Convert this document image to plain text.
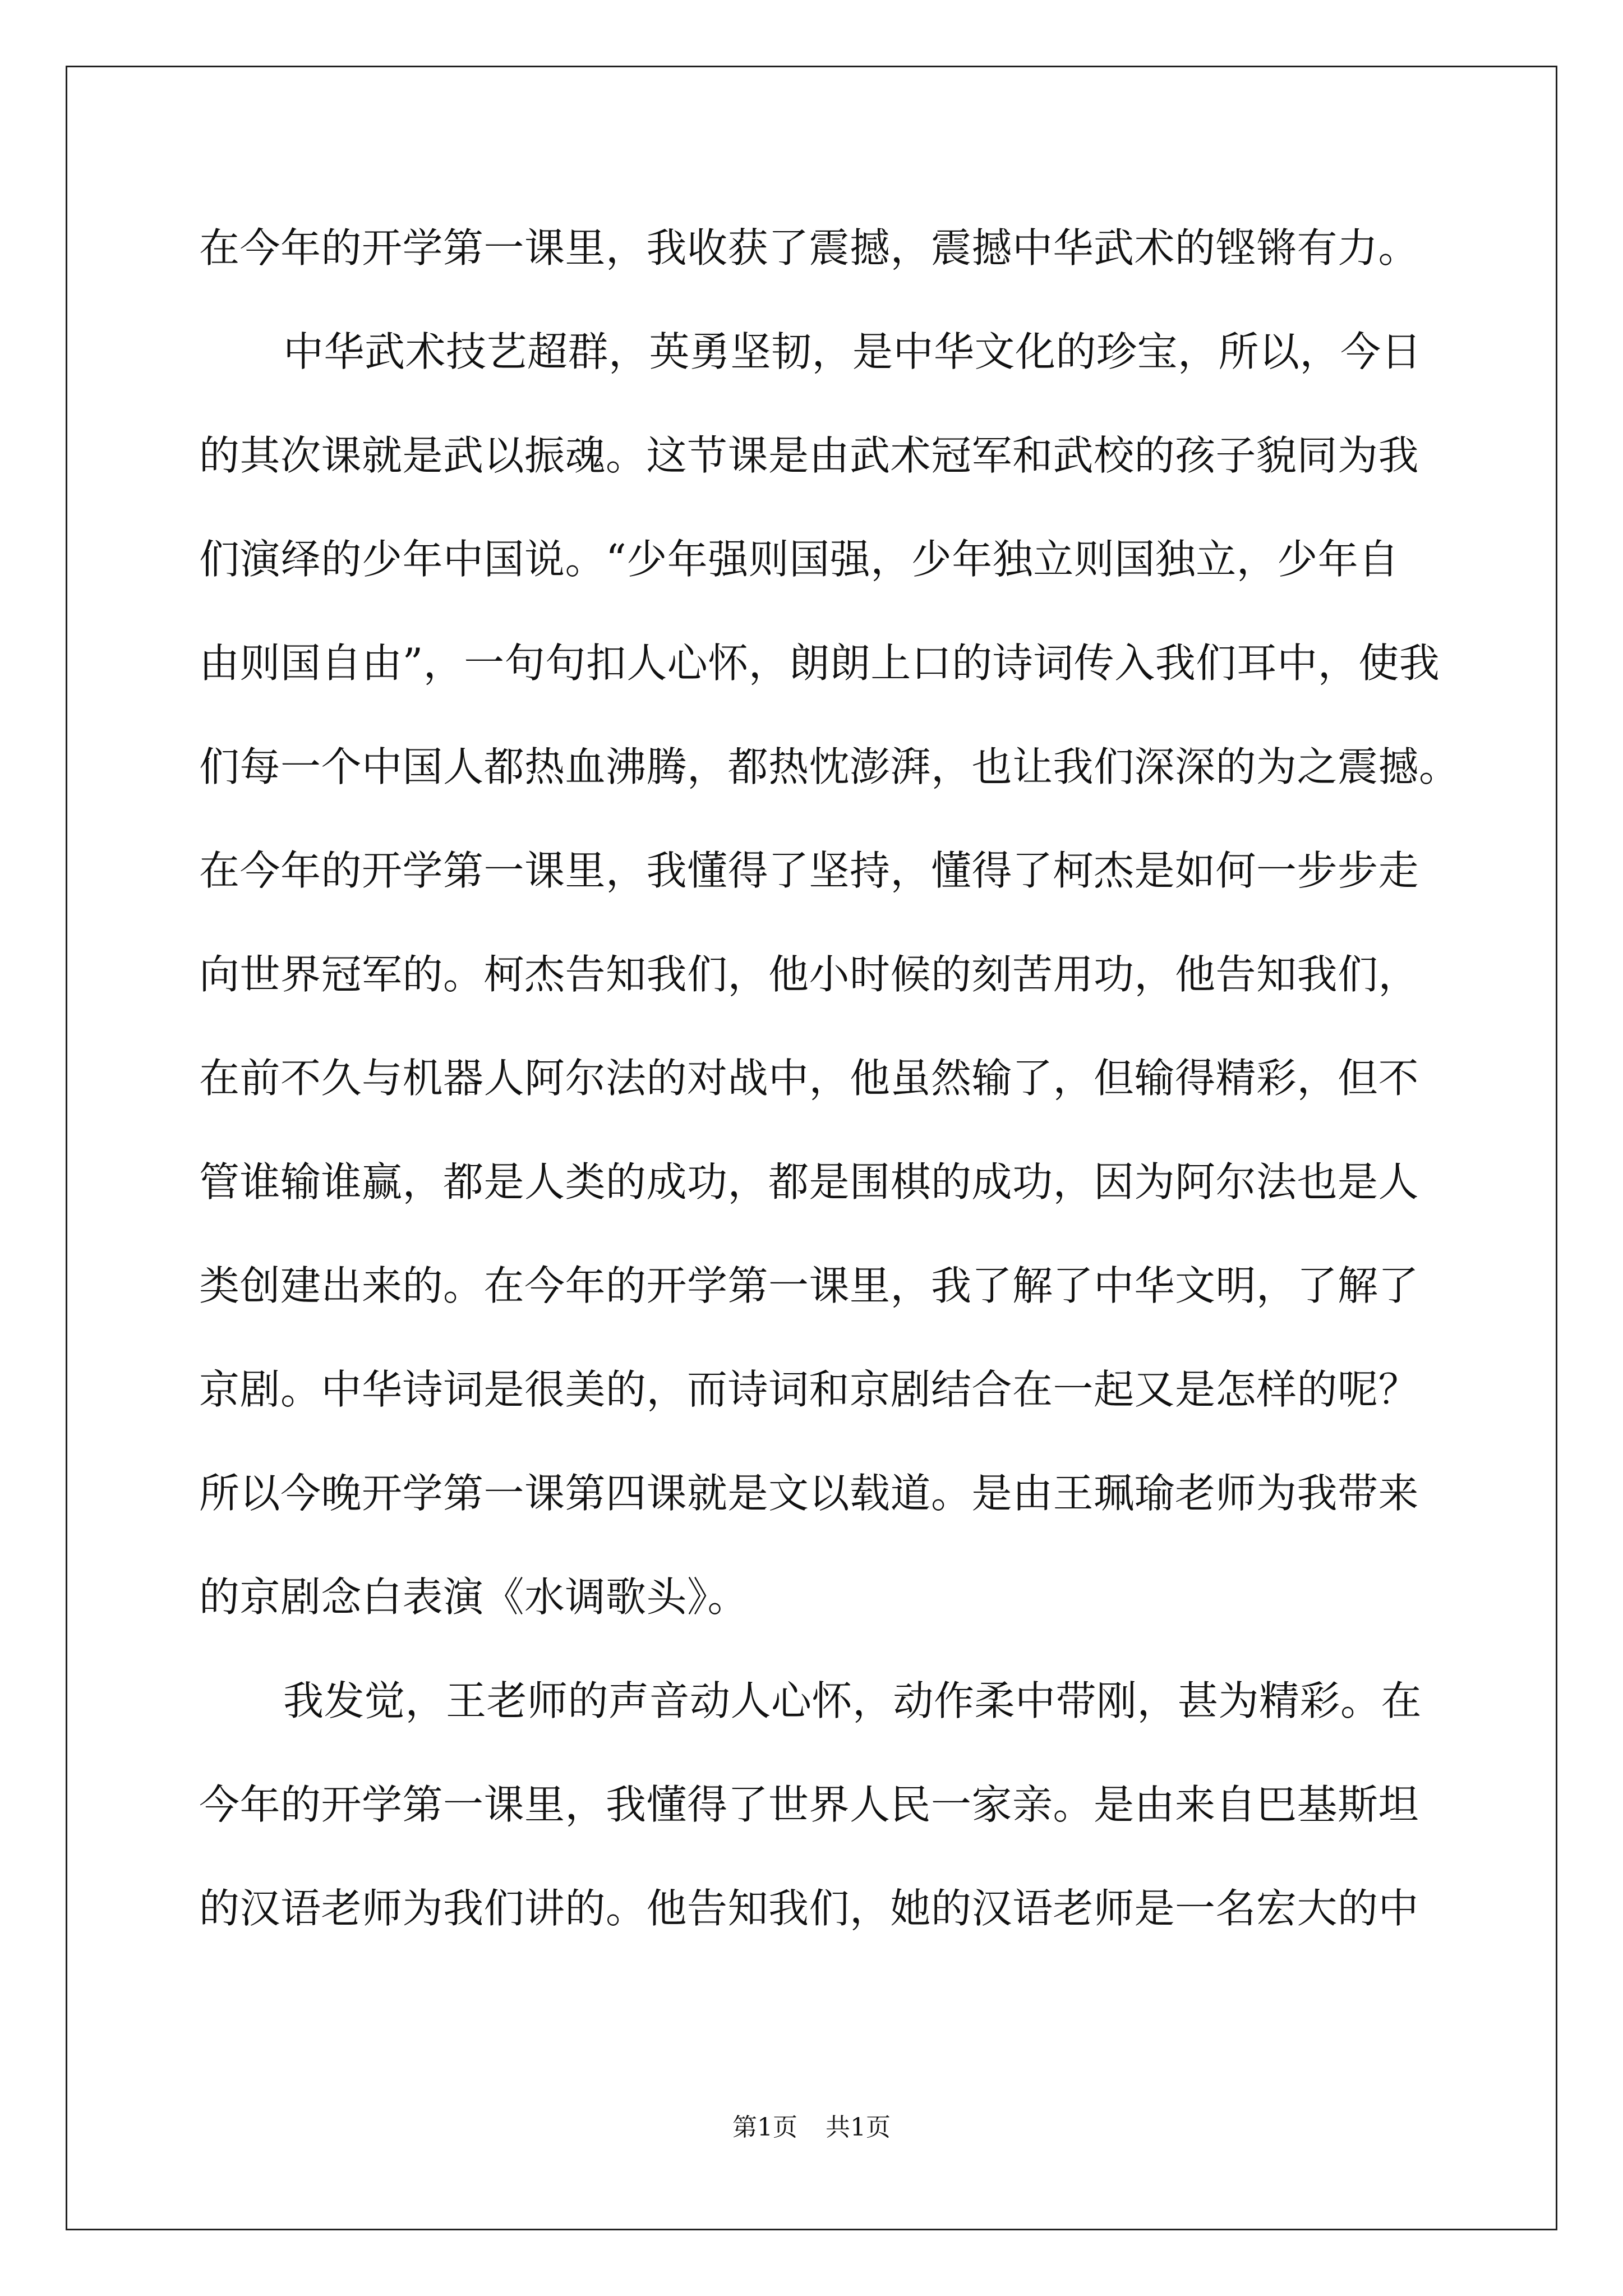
在今年的开学第一课里，我收获了震撼，震撼中华武术的铿锵有力。
中华武术技艺超群，英勇坚韧，是中华文化的珍宝，所以，今日
的其次课就是武以振魂。这节课是由武术冠军和武校的孩子貌同为我
们演绎的少年中国说。“少年强则国强，少年独立则国独立，少年自
由则国自由”，一句句扣人心怀，朗朗上口的诗词传入我们耳中，使我
们每一个中国人都热血沸腾，都热忱澎湃，也让我们深深的为之震撼。
在今年的开学第一课里，我懂得了坚持，懂得了柯杰是如何一步步走
向世界冠军的。柯杰告知我们，他小时候的刻苦用功，他告知我们，
在前不久与机器人阿尔法的对战中，他虽然输了，但输得精彩，但不
管谁输谁赢，都是人类的成功，都是围棋的成功，因为阿尔法也是人
类创建出来的。在今年的开学第一课里，我了解了中华文明，了解了
京剧。中华诗词是很美的，而诗词和京剧结合在一起又是怎样的呢？
所以今晚开学第一课第四课就是文以载道。是由王珮瑜老师为我带来
的京剧念白表演《水调歌头》。
我发觉，王老师的声音动人心怀，动作柔中带刚，甚为精彩。在
今年的开学第一课里，我懂得了世界人民一家亲。是由来自巴基斯坦
的汉语老师为我们讲的。他告知我们，她的汉语老师是一名宏大的中
第1页 共1页
